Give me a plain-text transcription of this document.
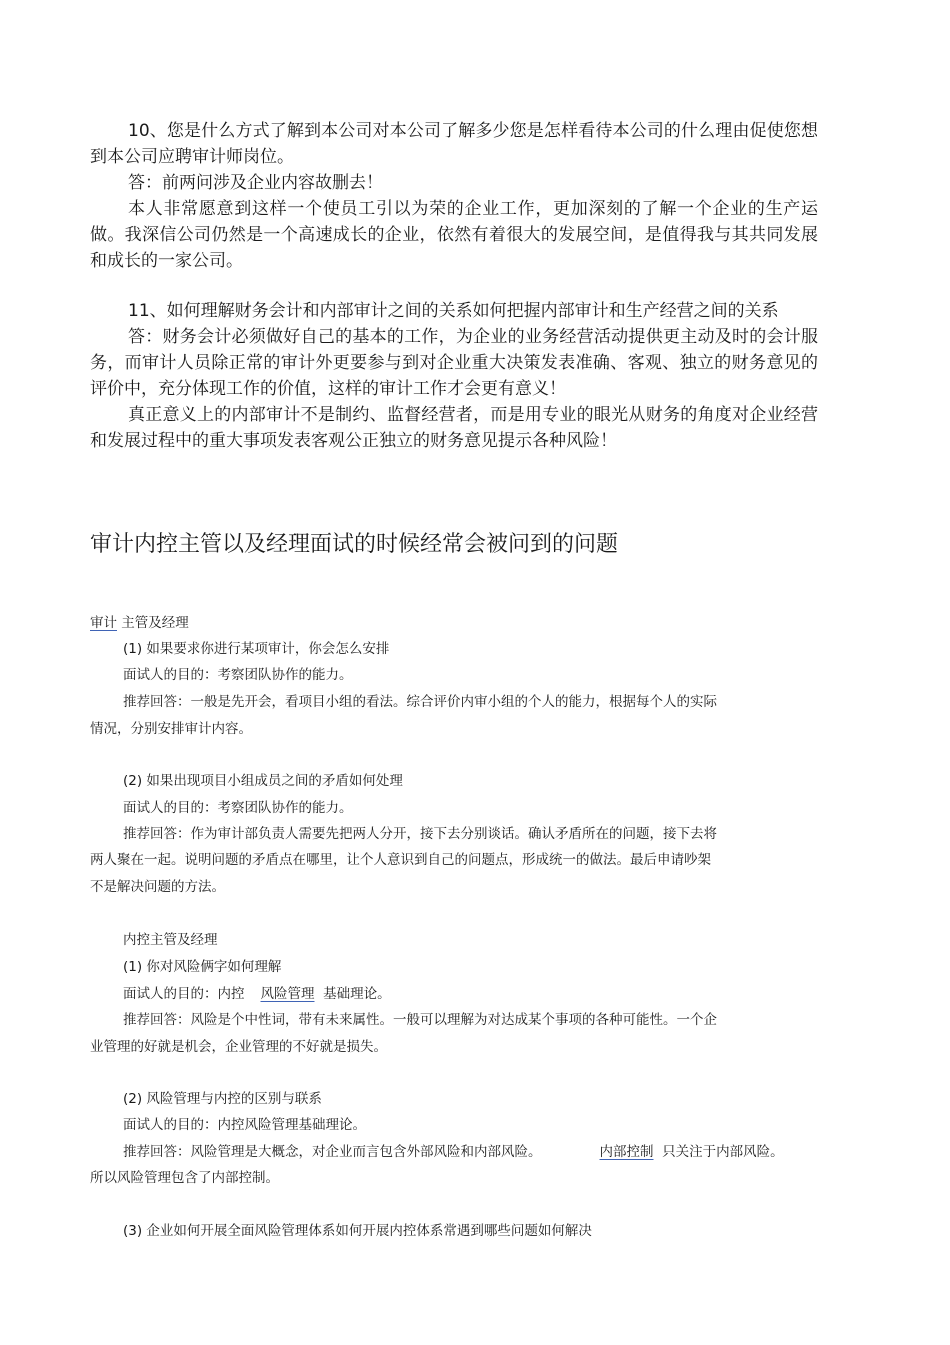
10、您是什么方式了解到本公司对本公司了解多少您是怎样看待本公司的什么理由促使您想到本公司应聘审计师岗位。

答：前两问涉及企业内容故删去！

本人非常愿意到这样一个使员工引以为荣的企业工作，更加深刻的了解一个企业的生产运做。我深信公司仍然是一个高速成长的企业，依然有着很大的发展空间，是值得我与其共同发展和成长的一家公司。

11、如何理解财务会计和内部审计之间的关系如何把握内部审计和生产经营之间的关系

答：财务会计必须做好自己的基本的工作，为企业的业务经营活动提供更主动及时的会计服务，而审计人员除正常的审计外更要参与到对企业重大决策发表准确、客观、独立的财务意见的评价中，充分体现工作的价值，这样的审计工作才会更有意义！

真正意义上的内部审计不是制约、监督经营者，而是用专业的眼光从财务的角度对企业经营和发展过程中的重大事项发表客观公正独立的财务意见提示各种风险！

审计内控主管以及经理面试的时候经常会被问到的问题

审计 主管及经理

(1) 如果要求你进行某项审计，你会怎么安排

面试人的目的：考察团队协作的能力。

推荐回答：一般是先开会，看项目小组的看法。综合评价内审小组的个人的能力，根据每个人的实际

情况，分别安排审计内容。

(2) 如果出现项目小组成员之间的矛盾如何处理

面试人的目的：考察团队协作的能力。

推荐回答：作为审计部负责人需要先把两人分开，接下去分别谈话。确认矛盾所在的问题，接下去将

两人聚在一起。说明问题的矛盾点在哪里，让个人意识到自己的问题点，形成统一的做法。最后申请吵架

不是解决问题的方法。

内控主管及经理

(1) 你对风险俩字如何理解

面试人的目的：内控 风险管理 基础理论。

推荐回答：风险是个中性词，带有未来属性。一般可以理解为对达成某个事项的各种可能性。一个企

业管理的好就是机会，企业管理的不好就是损失。

(2) 风险管理与内控的区别与联系

面试人的目的：内控风险管理基础理论。

推荐回答：风险管理是大概念，对企业而言包含外部风险和内部风险。	内部控制 只关注于内部风险。

所以风险管理包含了内部控制。

(3) 企业如何开展全面风险管理体系如何开展内控体系常遇到哪些问题如何解决
